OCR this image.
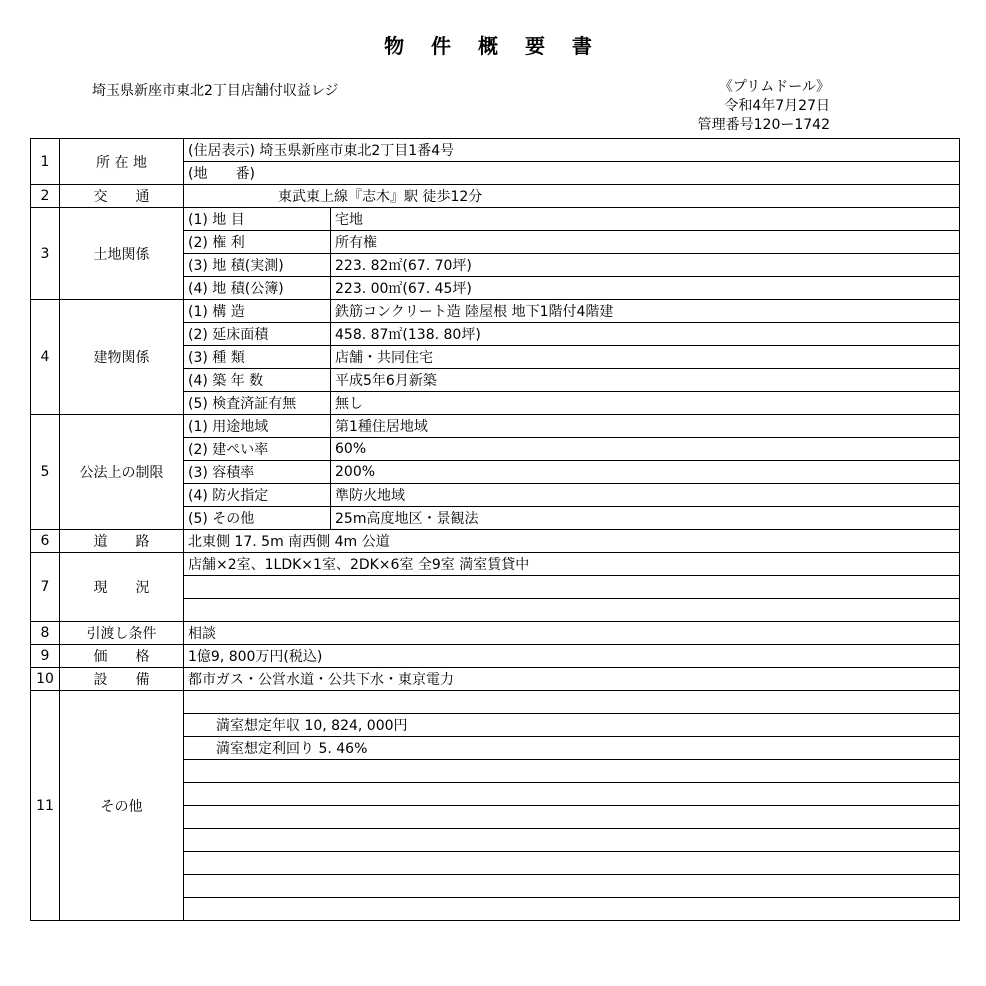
物 件 概 要 書
埼玉県新座市東北2丁目店舗付収益レジ	《プリムドール》
令和4年7月27日
管理番号120ー1742
1	所 在 地	(住居表示) 埼玉県新座市東北2丁目1番4号	
		(地　　番)	
2	交　　通	東武東上線『志木』駅 徒歩12分	
3	土地関係	(1) 地 目	宅地
		(2) 権 利	所有権
		(3) 地 積(実測)	223. 82㎡(67. 70坪)
		(4) 地 積(公簿)	223. 00㎡(67. 45坪)
4	建物関係	(1) 構 造	鉄筋コンクリート造 陸屋根 地下1階付4階建
		(2) 延床面積	458. 87㎡(138. 80坪)
		(3) 種 類	店舗・共同住宅
		(4) 築 年 数	平成5年6月新築
		(5) 検査済証有無	無し
5	公法上の制限	(1) 用途地域	第1種住居地域
		(2) 建ぺい率	60%
		(3) 容積率	200%
		(4) 防火指定	準防火地域
		(5) その他	25m高度地区・景観法
6	道　　路	北東側 17. 5m 南西側 4m 公道	
7	現　　況	店舗×2室、1LDK×1室、2DK×6室 全9室 満室賃貸中	

8	引渡し条件	相談	
9	価　　格	1億9, 800万円(税込)	
10	設　　備	都市ガス・公営水道・公共下水・東京電力	
11	その他		
		満室想定年収 10, 824, 000円	
		満室想定利回り 5. 46%	
